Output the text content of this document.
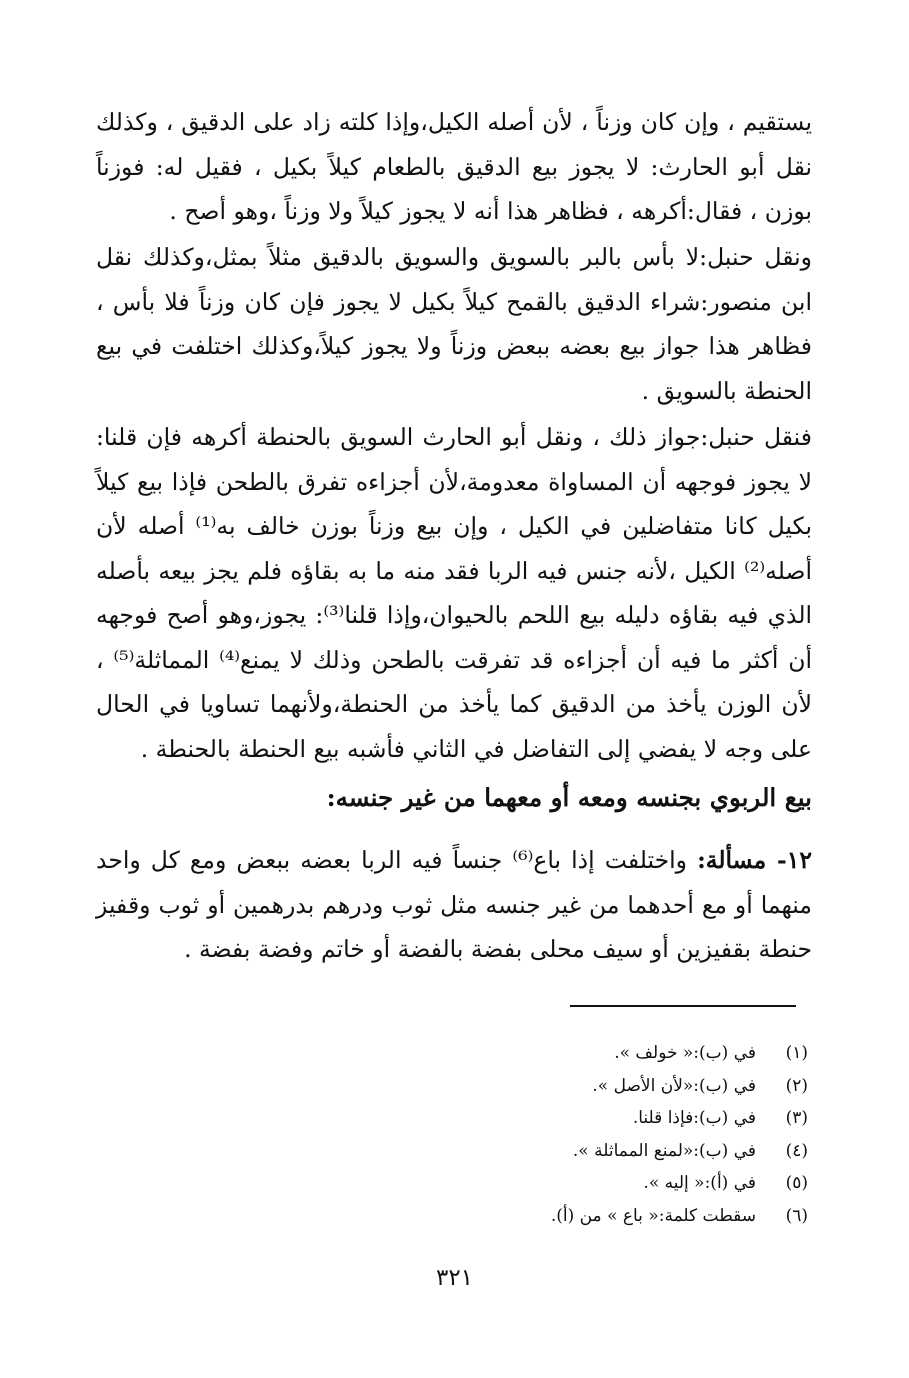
يستقيم ، وإن كان وزناً ، لأن أصله الكيل،وإذا كلته زاد على الدقيق ، وكذلك نقل أبو الحارث: لا يجوز بيع الدقيق بالطعام كيلاً بكيل ، فقيل له: فوزناً بوزن ، فقال:أكرهه ، فظاهر هذا أنه لا يجوز كيلاً ولا وزناً ،وهو أصح .

ونقل حنبل:لا بأس بالبر بالسويق والسويق بالدقيق مثلاً بمثل،وكذلك نقل ابن منصور:شراء الدقيق بالقمح كيلاً بكيل لا يجوز فإن كان وزناً فلا بأس ، فظاهر هذا جواز بيع بعضه ببعض وزناً ولا يجوز كيلاً،وكذلك اختلفت في بيع الحنطة بالسويق .

فنقل حنبل:جواز ذلك ، ونقل أبو الحارث السويق بالحنطة أكرهه فإن قلنا: لا يجوز فوجهه أن المساواة معدومة،لأن أجزاءه تفرق بالطحن فإذا بيع كيلاً بكيل كانا متفاضلين في الكيل ، وإن بيع وزناً بوزن خالف به⁽¹⁾ أصله لأن أصله⁽²⁾ الكيل ،لأنه جنس فيه الربا فقد منه ما به بقاؤه فلم يجز بيعه بأصله الذي فيه بقاؤه دليله بيع اللحم بالحيوان،وإذا قلنا⁽³⁾: يجوز،وهو أصح فوجهه أن أكثر ما فيه أن أجزاءه قد تفرقت بالطحن وذلك لا يمنع⁽⁴⁾ المماثلة⁽⁵⁾ ، لأن الوزن يأخذ من الدقيق كما يأخذ من الحنطة،ولأنهما تساويا في الحال على وجه لا يفضي إلى التفاضل في الثاني فأشبه بيع الحنطة بالحنطة .

بيع الربوي بجنسه ومعه أو معهما من غير جنسه:

١٢- مسألة: واختلفت إذا باع⁽⁶⁾ جنساً فيه الربا بعضه ببعض ومع كل واحد منهما أو مع أحدهما من غير جنسه مثل ثوب ودرهم بدرهمين أو ثوب وقفيز حنطة بقفيزين أو سيف محلى بفضة بالفضة أو خاتم وفضة بفضة .

(١)
في (ب):« خولف ».
(٢)
في (ب):«لأن الأصل ».
(٣)
في (ب):فإذا قلنا.
(٤)
في (ب):«لمنع المماثلة ».
(٥)
في (أ):« إليه ».
(٦)
سقطت كلمة:« باع » من (أ).
٣٢١
